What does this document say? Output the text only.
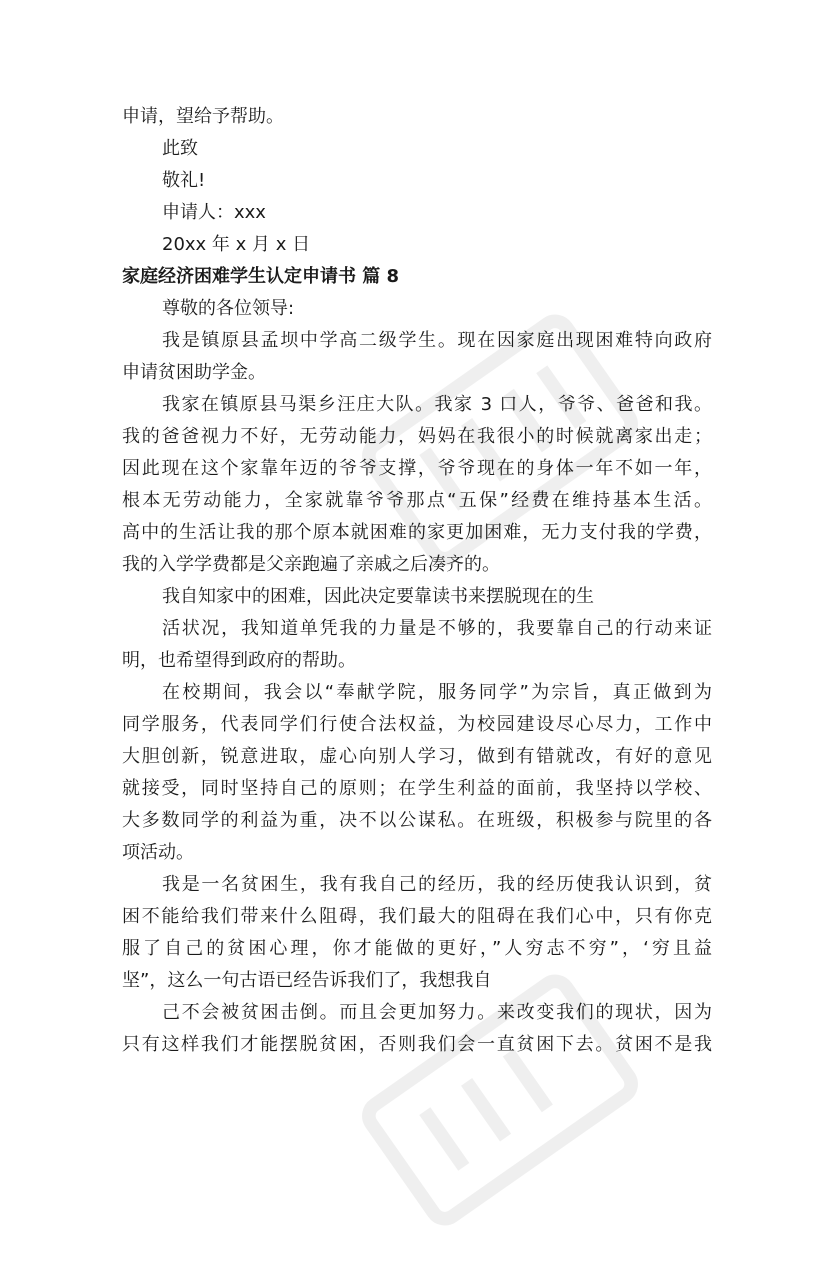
申请，望给予帮助。
此致
敬礼!
申请人：xxx
20xx 年 x 月 x 日
家庭经济困难学生认定申请书 篇 8
尊敬的各位领导:
我是镇原县孟坝中学高二级学生。现在因家庭出现困难特向政府
申请贫困助学金。
我家在镇原县马渠乡汪庄大队。我家 3 口人，爷爷、爸爸和我。
我的爸爸视力不好，无劳动能力，妈妈在我很小的时候就离家出走；
因此现在这个家靠年迈的爷爷支撑，爷爷现在的身体一年不如一年，
根本无劳动能力，全家就靠爷爷那点“五保”经费在维持基本生活。
高中的生活让我的那个原本就困难的家更加困难，无力支付我的学费，
我的入学学费都是父亲跑遍了亲戚之后凑齐的。
我自知家中的困难，因此决定要靠读书来摆脱现在的生
活状况，我知道单凭我的力量是不够的，我要靠自己的行动来证
明，也希望得到政府的帮助。
在校期间，我会以“奉献学院，服务同学”为宗旨，真正做到为
同学服务，代表同学们行使合法权益，为校园建设尽心尽力，工作中
大胆创新，锐意进取，虚心向别人学习，做到有错就改，有好的意见
就接受，同时坚持自己的原则；在学生利益的面前，我坚持以学校、
大多数同学的利益为重，决不以公谋私。在班级，积极参与院里的各
项活动。
我是一名贫困生，我有我自己的经历，我的经历使我认识到，贫
困不能给我们带来什么阻碍，我们最大的阻碍在我们心中，只有你克
服了自己的贫困心理，你才能做的更好，”人穷志不穷”，‘穷且益
坚”，这么一句古语已经告诉我们了，我想我自
己不会被贫困击倒。而且会更加努力。来改变我们的现状，因为
只有这样我们才能摆脱贫困，否则我们会一直贫困下去。贫困不是我
